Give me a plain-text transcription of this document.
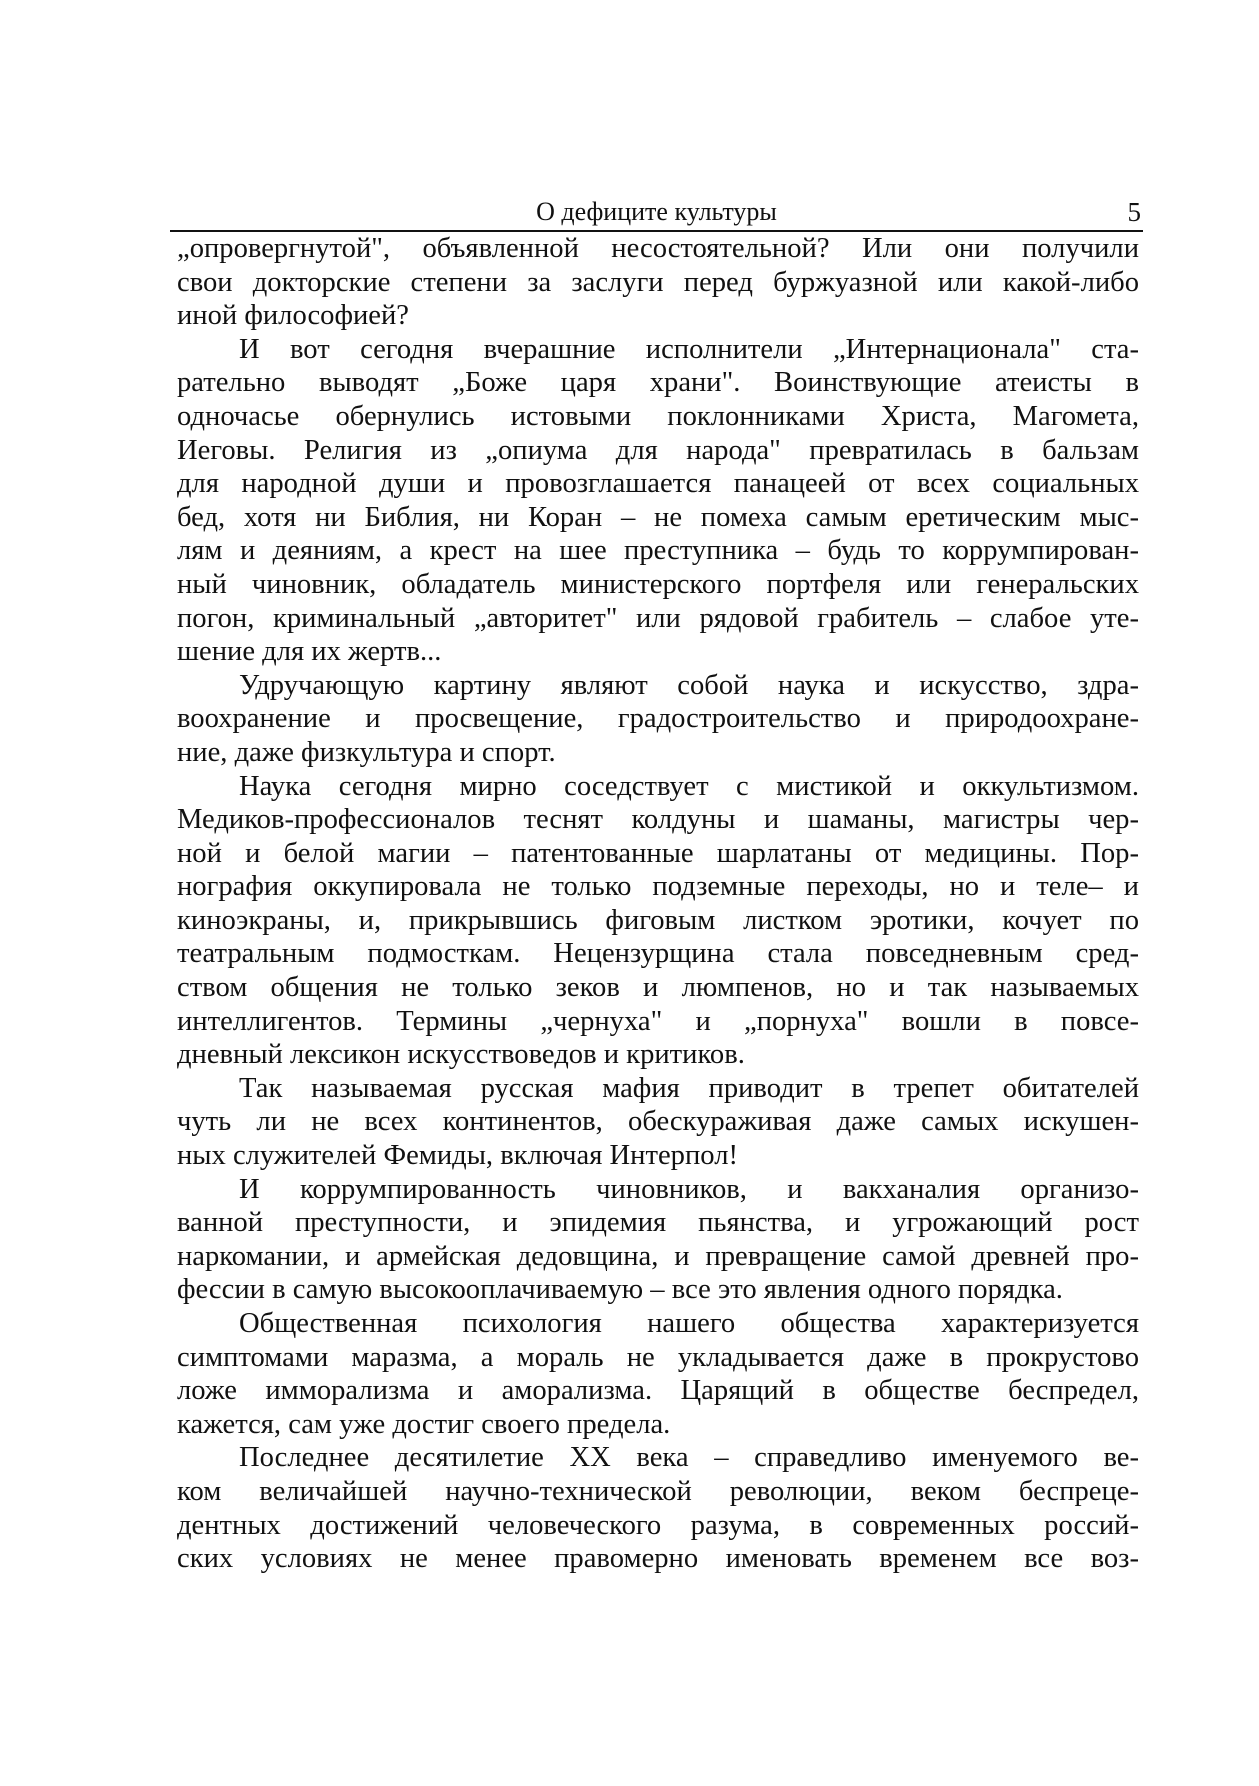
О дефиците культуры	5

„опровергнутой", объявленной несостоятельной? Или они получили
свои докторские степени за заслуги перед буржуазной или какой-либо
иной философией?

И вот сегодня вчерашние исполнители „Интернационала" ста-
рательно выводят „Боже царя храни". Воинствующие атеисты в
одночасье обернулись истовыми поклонниками Христа, Магомета,
Иеговы. Религия из „опиума для народа" превратилась в бальзам
для народной души и провозглашается панацеей от всех социальных
бед, хотя ни Библия, ни Коран – не помеха самым еретическим мыс-
лям и деяниям, а крест на шее преступника – будь то коррумпирован-
ный чиновник, обладатель министерского портфеля или генеральских
погон, криминальный „авторитет" или рядовой грабитель – слабое уте-
шение для их жертв...

Удручающую картину являют собой наука и искусство, здра-
воохранение и просвещение, градостроительство и природоохране-
ние, даже физкультура и спорт.

Наука сегодня мирно соседствует с мистикой и оккультизмом.
Медиков-профессионалов теснят колдуны и шаманы, магистры чер-
ной и белой магии – патентованные шарлатаны от медицины. Пор-
нография оккупировала не только подземные переходы, но и теле– и
киноэкраны, и, прикрывшись фиговым листком эротики, кочует по
театральным подмосткам. Нецензурщина стала повседневным сред-
ством общения не только зеков и люмпенов, но и так называемых
интеллигентов. Термины „чернуха" и „порнуха" вошли в повсе-
дневный лексикон искусствоведов и критиков.

Так называемая русская мафия приводит в трепет обитателей
чуть ли не всех континентов, обескураживая даже самых искушен-
ных служителей Фемиды, включая Интерпол!

И коррумпированность чиновников, и вакханалия организо-
ванной преступности, и эпидемия пьянства, и угрожающий рост
наркомании, и армейская дедовщина, и превращение самой древней про-
фессии в самую высокооплачиваемую – все это явления одного порядка.

Общественная психология нашего общества характеризуется
симптомами маразма, а мораль не укладывается даже в прокрустово
ложе имморализма и аморализма. Царящий в обществе беспредел,
кажется, сам уже достиг своего предела.

Последнее десятилетие XX века – справедливо именуемого ве-
ком величайшей научно-технической революции, веком беспреце-
дентных достижений человеческого разума, в современных россий-
ских условиях не менее правомерно именовать временем все воз-
